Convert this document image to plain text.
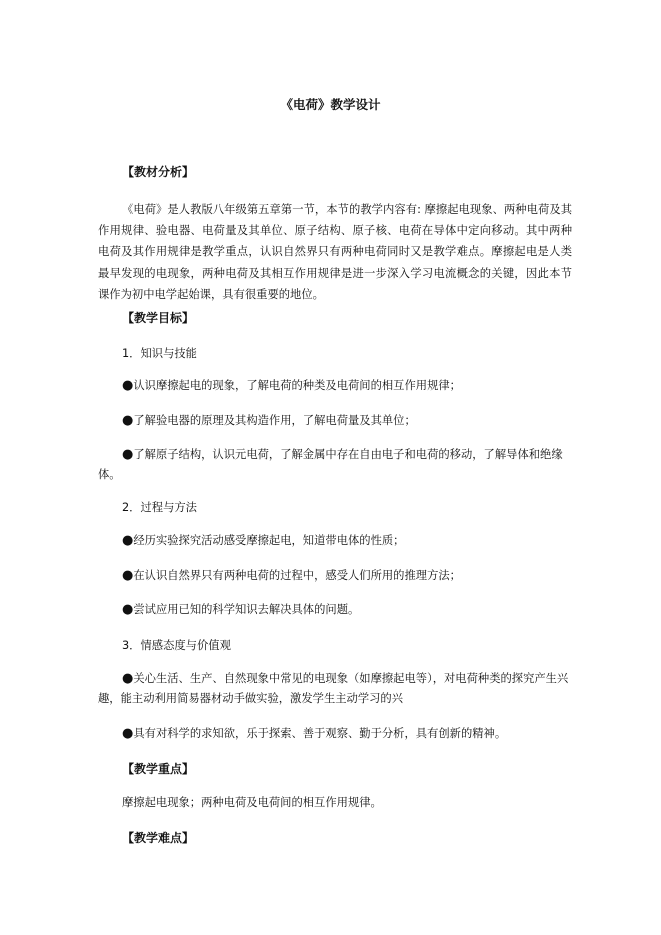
《电荷》教学设计
【教材分析】

《电荷》是人教版八年级第五章第一节，本节的教学内容有: 摩擦起电现象、两种电荷及其作用规律、验电器、电荷量及其单位、原子结构、原子核、电荷在导体中定向移动。其中两种电荷及其作用规律是教学重点，认识自然界只有两种电荷同时又是教学难点。摩擦起电是人类最早发现的电现象，两种电荷及其相互作用规律是进一步深入学习电流概念的关键，因此本节课作为初中电学起始课，具有很重要的地位。

【教学目标】
1．知识与技能

●认识摩擦起电的现象，了解电荷的种类及电荷间的相互作用规律；

●了解验电器的原理及其构造作用，了解电荷量及其单位；

●了解原子结构，认识元电荷，了解金属中存在自由电子和电荷的移动，了解导体和绝缘体。

2．过程与方法

●经历实验探究活动感受摩擦起电，知道带电体的性质；

●在认识自然界只有两种电荷的过程中，感受人们所用的推理方法；

●尝试应用已知的科学知识去解决具体的问题。

3．情感态度与价值观

●关心生活、生产、自然现象中常见的电现象（如摩擦起电等），对电荷种类的探究产生兴趣，能主动利用简易器材动手做实验，激发学生主动学习的兴

●具有对科学的求知欲，乐于探索、善于观察、勤于分析，具有创新的精神。

【教学重点】
摩擦起电现象；两种电荷及电荷间的相互作用规律。
【教学难点】
